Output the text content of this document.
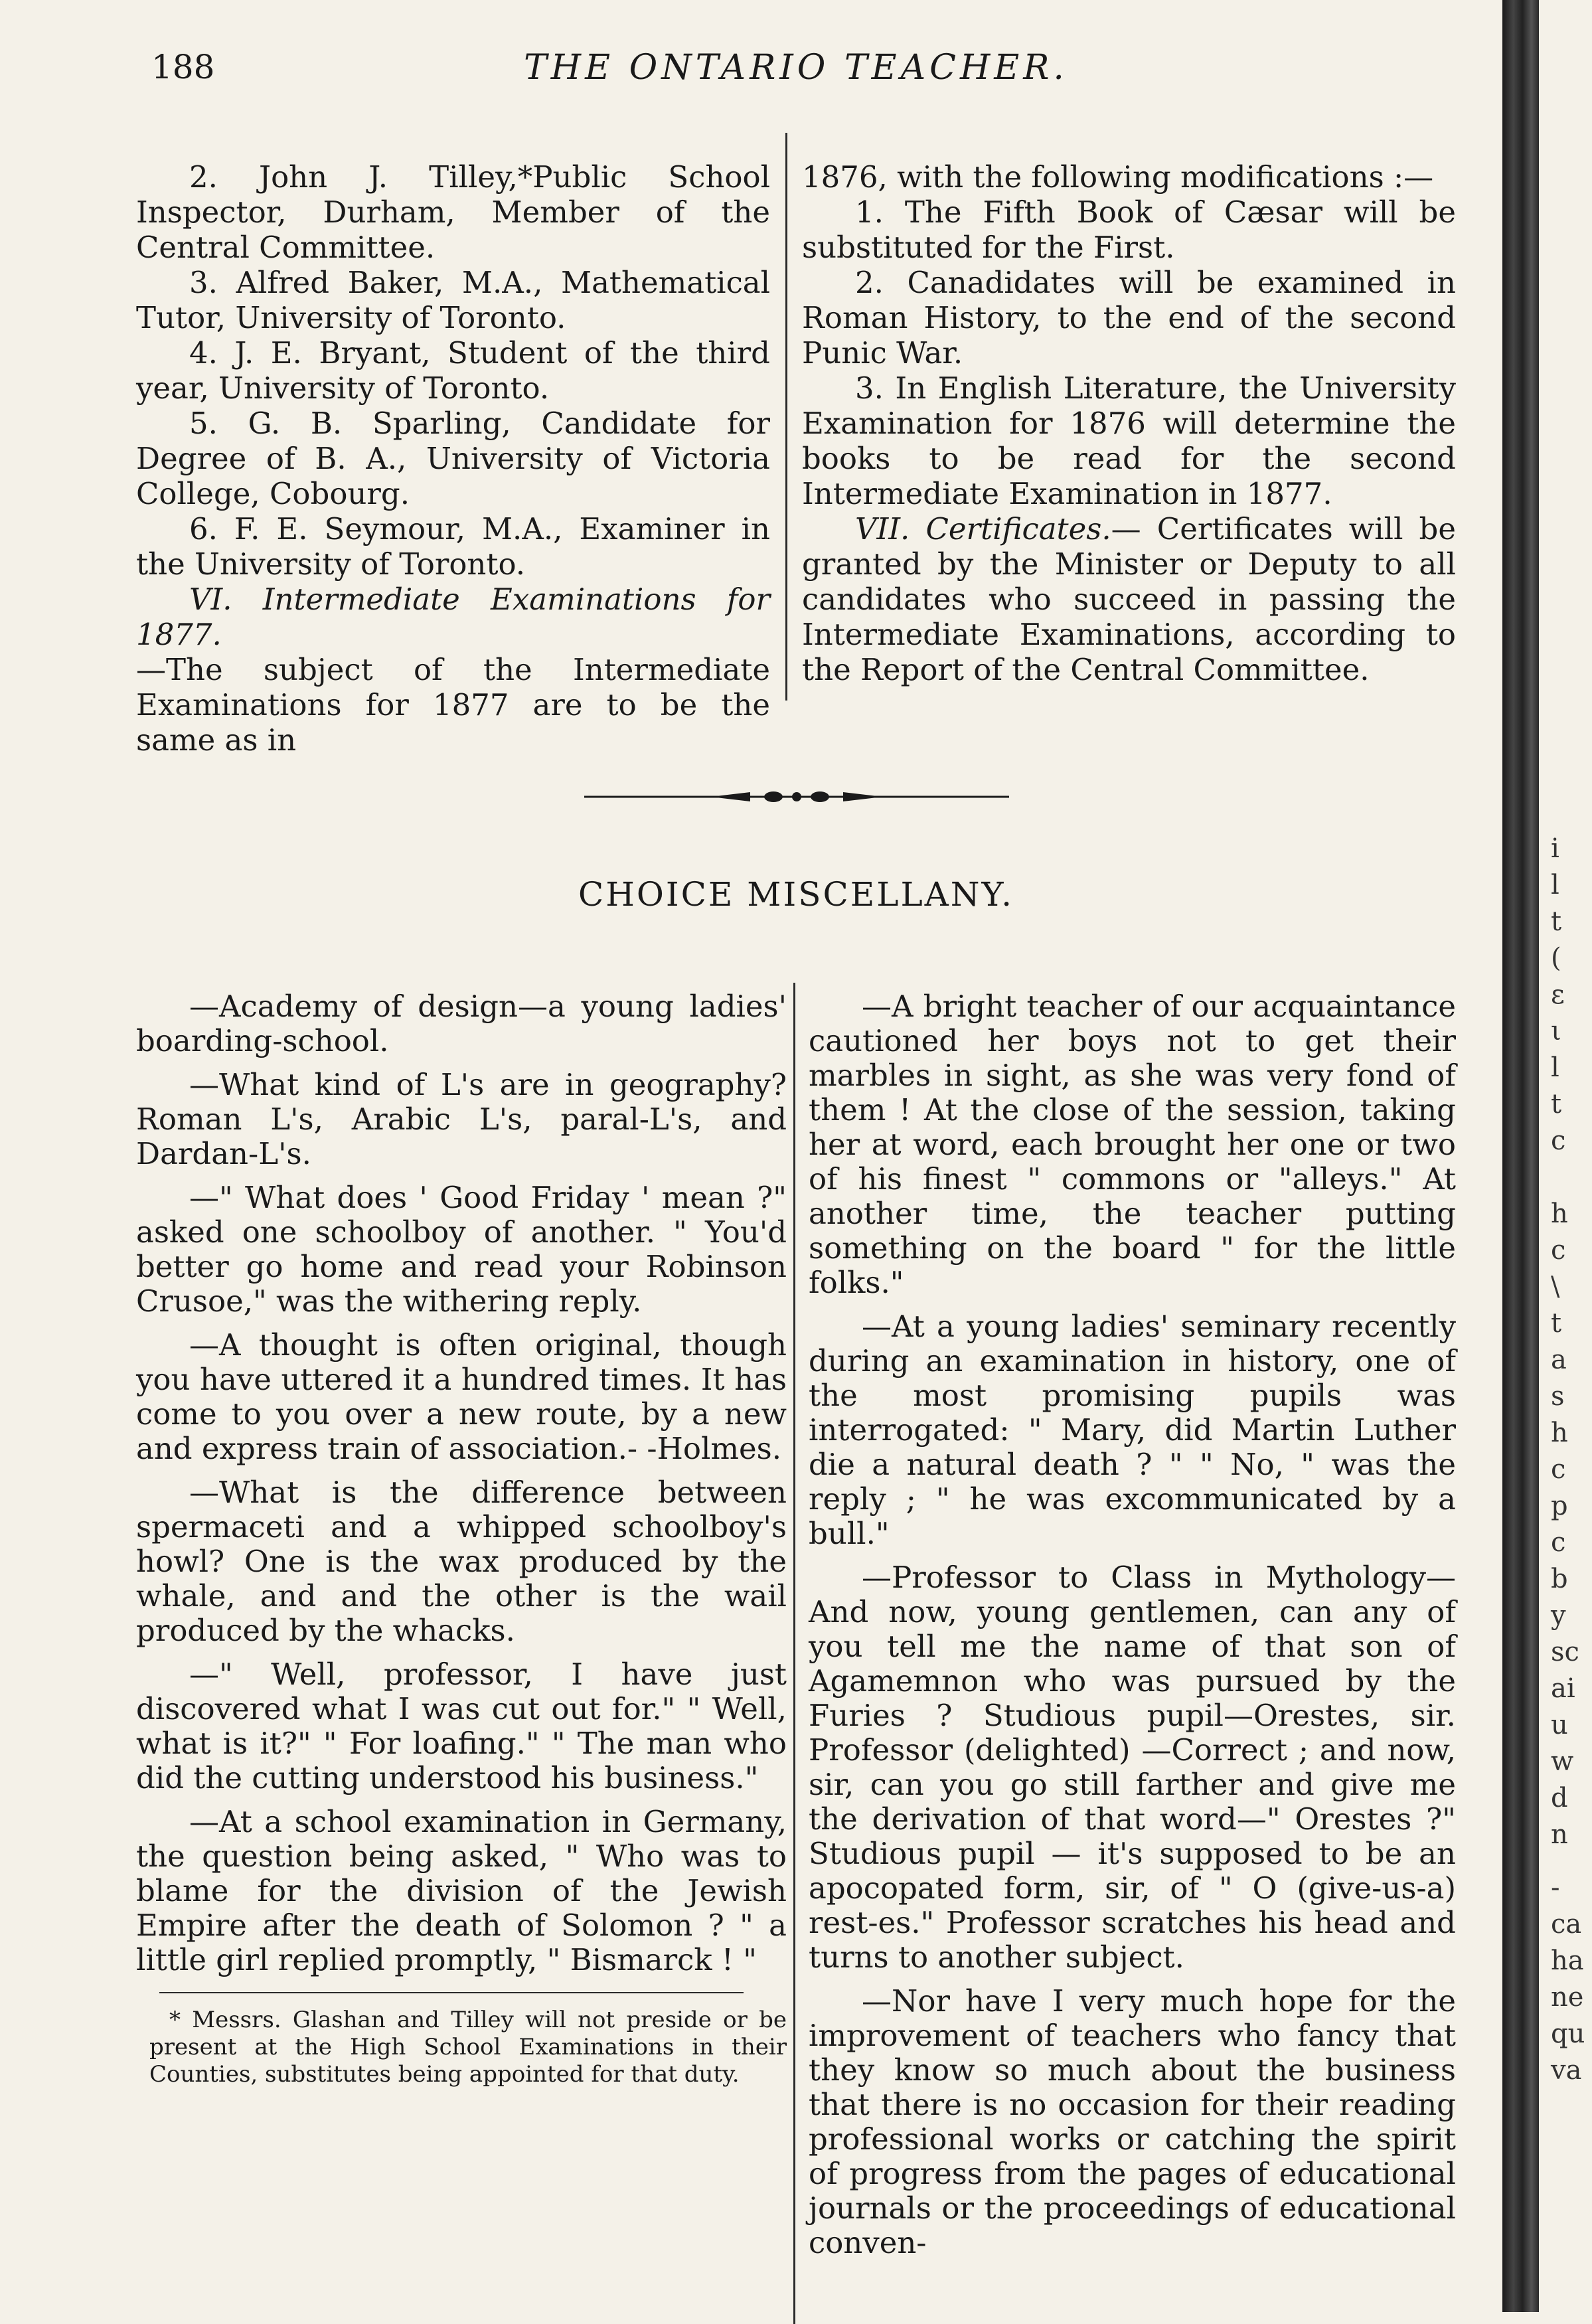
188	THE ONTARIO TEACHER.

2. John J. Tilley,*Public School Inspector, Durham, Member of the Central Committee.

3. Alfred Baker, M.A., Mathematical Tutor, University of Toronto.

4. J. E. Bryant, Student of the third year, University of Toronto.

5. G. B. Sparling, Candidate for Degree of B. A., University of Victoria College, Cobourg.

6. F. E. Seymour, M.A., Examiner in the University of Toronto.

VI. Intermediate Examinations for 1877.

—The subject of the Intermediate Examinations for 1877 are to be the same as in

1876, with the following modifications :—

1. The Fifth Book of Cæsar will be substituted for the First.

2. Canadidates will be examined in Roman History, to the end of the second Punic War.

3. In English Literature, the University Examination for 1876 will determine the books to be read for the second Intermediate Examination in 1877.

VII. Certificates.— Certificates will be granted by the Minister or Deputy to all candidates who succeed in passing the Intermediate Examinations, according to the Report of the Central Committee.

CHOICE MISCELLANY.

—Academy of design—a young ladies' boarding-school.

—What kind of L's are in geography? Roman L's, Arabic L's, paral-L's, and Dardan-L's.

—" What does ' Good Friday ' mean ?" asked one schoolboy of another. " You'd better go home and read your Robinson Crusoe," was the withering reply.

—A thought is often original, though you have uttered it a hundred times. It has come to you over a new route, by a new and express train of association.- -Holmes.

—What is the difference between spermaceti and a whipped schoolboy's howl? One is the wax produced by the whale, and and the other is the wail produced by the whacks.

—" Well, professor, I have just discovered what I was cut out for." " Well, what is it?" " For loafing." " The man who did the cutting understood his business."

—At a school examination in Germany, the question being asked, " Who was to blame for the division of the Jewish Empire after the death of Solomon ? " a little girl replied promptly, " Bismarck ! "

* Messrs. Glashan and Tilley will not preside or be present at the High School Examinations in their Counties, substitutes being appointed for that duty.

—A bright teacher of our acquaintance cautioned her boys not to get their marbles in sight, as she was very fond of them ! At the close of the session, taking her at word, each brought her one or two of his finest " commons or "alleys." At another time, the teacher putting something on the board " for the little folks."

—At a young ladies' seminary recently during an examination in history, one of the most promising pupils was interrogated: " Mary, did Martin Luther die a natural death ? " " No, " was the reply ; " he was excommunicated by a bull."

—Professor to Class in Mythology—And now, young gentlemen, can any of you tell me the name of that son of Agamemnon who was pursued by the Furies ? Studious pupil—Orestes, sir. Professor (delighted) —Correct ; and now, sir, can you go still farther and give me the derivation of that word—" Orestes ?" Studious pupil — it's supposed to be an apocopated form, sir, of " O (give-us-a) rest-es." Professor scratches his head and turns to another subject.

—Nor have I very much hope for the improvement of teachers who fancy that they know so much about the business that there is no occasion for their reading professional works or catching the spirit of progress from the pages of educational journals or the proceedings of educational conven-

i
l
t
(
ɛ
ι
l
t
c
h
c
\
t
a
s
h
c
p
c
b
y
sc
ai
u
w
d
n
-
ca
ha
ne
qu
va
